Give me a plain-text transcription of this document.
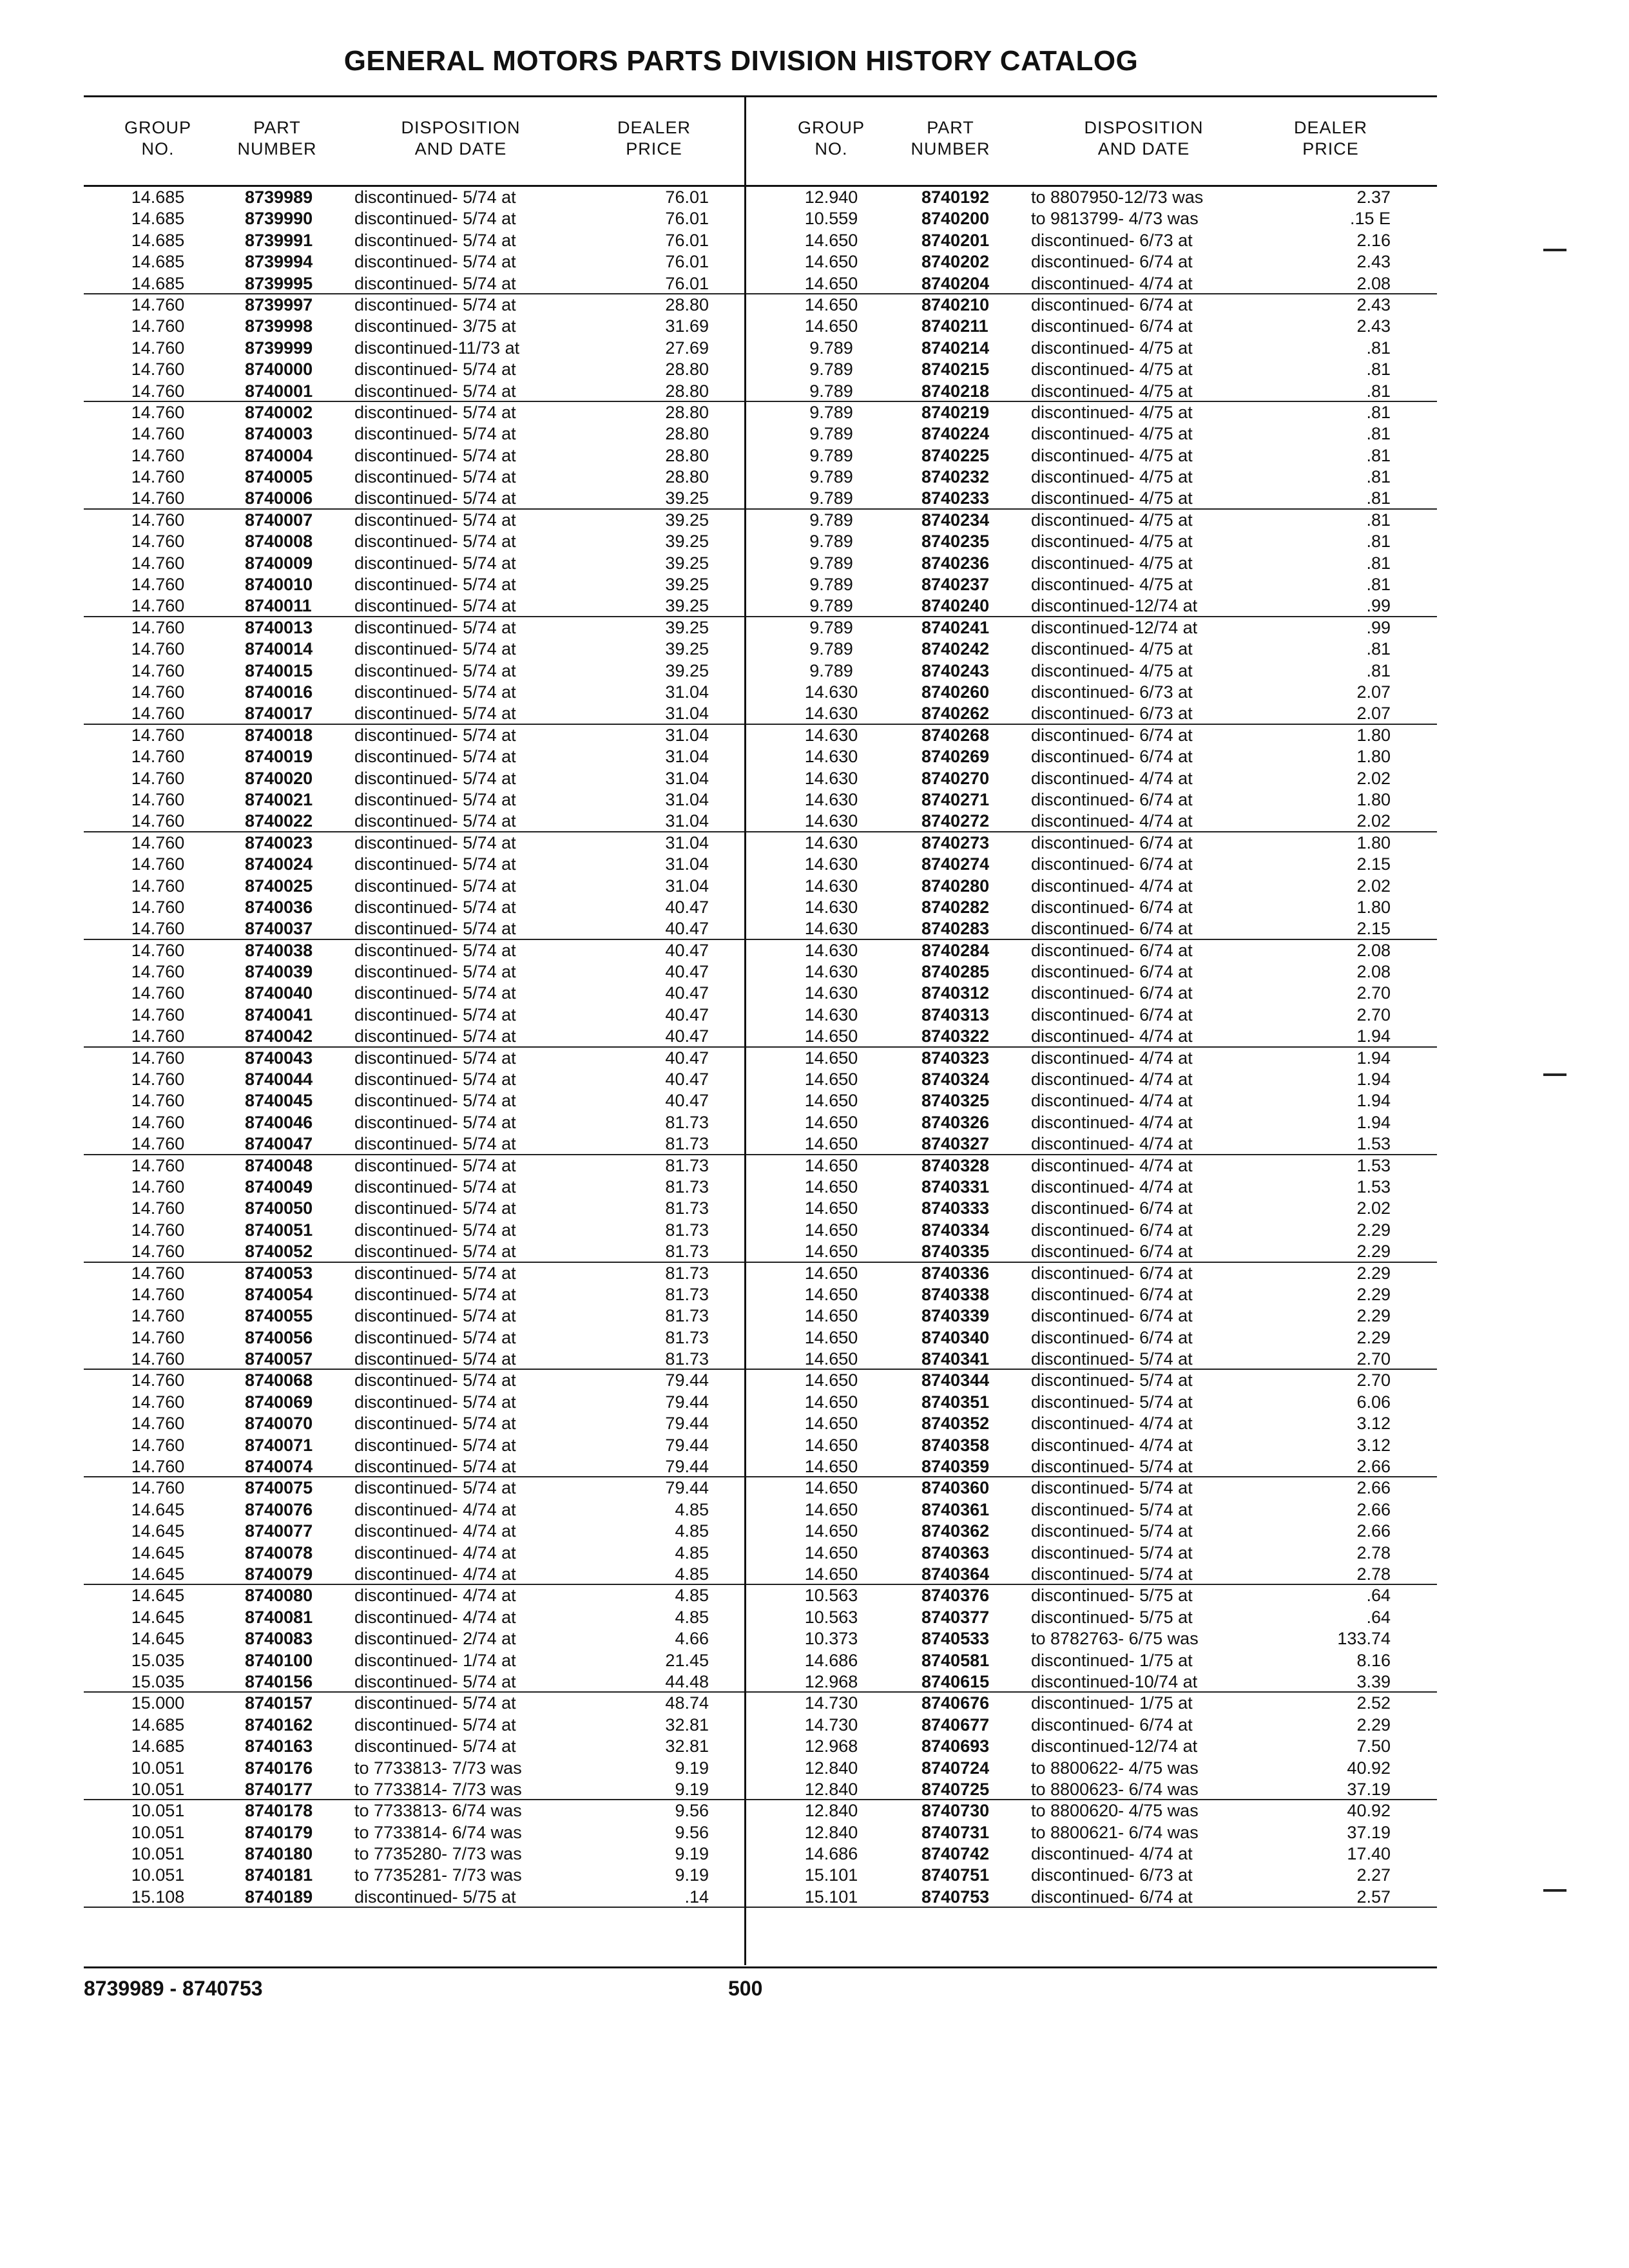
GENERAL MOTORS PARTS DIVISION HISTORY CATALOG
GROUP
NO.
PART
NUMBER
DISPOSITION
AND DATE
DEALER
PRICE
GROUP
NO.
PART
NUMBER
DISPOSITION
AND DATE
DEALER
PRICE
14.685	8739989 discontinued- 5/74 at	76.01
14.685	8739990 discontinued- 5/74 at	76.01
14.685	8739991 discontinued- 5/74 at	76.01
14.685	8739994 discontinued- 5/74 at	76.01
14.685	8739995 discontinued- 5/74 at	76.01
14.760	8739997 discontinued- 5/74 at	28.80
14.760	8739998 discontinued- 3/75 at	31.69
14.760	8739999 discontinued-11/73 at	27.69
14.760	8740000 discontinued- 5/74 at	28.80
14.760	8740001 discontinued- 5/74 at	28.80
14.760	8740002 discontinued- 5/74 at	28.80
14.760	8740003 discontinued- 5/74 at	28.80
14.760	8740004 discontinued- 5/74 at	28.80
14.760	8740005 discontinued- 5/74 at	28.80
14.760	8740006 discontinued- 5/74 at	39.25
14.760	8740007 discontinued- 5/74 at	39.25
14.760	8740008 discontinued- 5/74 at	39.25
14.760	8740009 discontinued- 5/74 at	39.25
14.760	8740010 discontinued- 5/74 at	39.25
14.760	8740011 discontinued- 5/74 at	39.25
14.760	8740013 discontinued- 5/74 at	39.25
14.760	8740014 discontinued- 5/74 at	39.25
14.760	8740015 discontinued- 5/74 at	39.25
14.760	8740016 discontinued- 5/74 at	31.04
14.760	8740017 discontinued- 5/74 at	31.04
14.760	8740018 discontinued- 5/74 at	31.04
14.760	8740019 discontinued- 5/74 at	31.04
14.760	8740020 discontinued- 5/74 at	31.04
14.760	8740021 discontinued- 5/74 at	31.04
14.760	8740022 discontinued- 5/74 at	31.04
14.760	8740023 discontinued- 5/74 at	31.04
14.760	8740024 discontinued- 5/74 at	31.04
14.760	8740025 discontinued- 5/74 at	31.04
14.760	8740036 discontinued- 5/74 at	40.47
14.760	8740037 discontinued- 5/74 at	40.47
14.760	8740038 discontinued- 5/74 at	40.47
14.760	8740039 discontinued- 5/74 at	40.47
14.760	8740040 discontinued- 5/74 at	40.47
14.760	8740041 discontinued- 5/74 at	40.47
14.760	8740042 discontinued- 5/74 at	40.47
14.760	8740043 discontinued- 5/74 at	40.47
14.760	8740044 discontinued- 5/74 at	40.47
14.760	8740045 discontinued- 5/74 at	40.47
14.760	8740046 discontinued- 5/74 at	81.73
14.760	8740047 discontinued- 5/74 at	81.73
14.760	8740048 discontinued- 5/74 at	81.73
14.760	8740049 discontinued- 5/74 at	81.73
14.760	8740050 discontinued- 5/74 at	81.73
14.760	8740051 discontinued- 5/74 at	81.73
14.760	8740052 discontinued- 5/74 at	81.73
14.760	8740053 discontinued- 5/74 at	81.73
14.760	8740054 discontinued- 5/74 at	81.73
14.760	8740055 discontinued- 5/74 at	81.73
14.760	8740056 discontinued- 5/74 at	81.73
14.760	8740057 discontinued- 5/74 at	81.73
14.760	8740068 discontinued- 5/74 at	79.44
14.760	8740069 discontinued- 5/74 at	79.44
14.760	8740070 discontinued- 5/74 at	79.44
14.760	8740071 discontinued- 5/74 at	79.44
14.760	8740074 discontinued- 5/74 at	79.44
14.760	8740075 discontinued- 5/74 at	79.44
14.645	8740076 discontinued- 4/74 at	4.85
14.645	8740077 discontinued- 4/74 at	4.85
14.645	8740078 discontinued- 4/74 at	4.85
14.645	8740079 discontinued- 4/74 at	4.85
14.645	8740080 discontinued- 4/74 at	4.85
14.645	8740081 discontinued- 4/74 at	4.85
14.645	8740083 discontinued- 2/74 at	4.66
15.035	8740100 discontinued- 1/74 at	21.45
15.035	8740156 discontinued- 5/74 at	44.48
15.000	8740157 discontinued- 5/74 at	48.74
14.685	8740162 discontinued- 5/74 at	32.81
14.685	8740163 discontinued- 5/74 at	32.81
10.051	8740176 to 7733813- 7/73 was	9.19
10.051	8740177 to 7733814- 7/73 was	9.19
10.051	8740178 to 7733813- 6/74 was	9.56
10.051	8740179 to 7733814- 6/74 was	9.56
10.051	8740180 to 7735280- 7/73 was	9.19
10.051	8740181 to 7735281- 7/73 was	9.19
15.108	8740189 discontinued- 5/75 at	.14
12.940	8740192 to 8807950-12/73 was	2.37
10.559	8740200 to 9813799- 4/73 was	.15 E
14.650	8740201 discontinued- 6/73 at	2.16
14.650	8740202 discontinued- 6/74 at	2.43
14.650	8740204 discontinued- 4/74 at	2.08
14.650	8740210 discontinued- 6/74 at	2.43
14.650	8740211 discontinued- 6/74 at	2.43
9.789	8740214 discontinued- 4/75 at	.81
9.789	8740215 discontinued- 4/75 at	.81
9.789	8740218 discontinued- 4/75 at	.81
9.789	8740219 discontinued- 4/75 at	.81
9.789	8740224 discontinued- 4/75 at	.81
9.789	8740225 discontinued- 4/75 at	.81
9.789	8740232 discontinued- 4/75 at	.81
9.789	8740233 discontinued- 4/75 at	.81
9.789	8740234 discontinued- 4/75 at	.81
9.789	8740235 discontinued- 4/75 at	.81
9.789	8740236 discontinued- 4/75 at	.81
9.789	8740237 discontinued- 4/75 at	.81
9.789	8740240 discontinued-12/74 at	.99
9.789	8740241 discontinued-12/74 at	.99
9.789	8740242 discontinued- 4/75 at	.81
9.789	8740243 discontinued- 4/75 at	.81
14.630	8740260 discontinued- 6/73 at	2.07
14.630	8740262 discontinued- 6/73 at	2.07
14.630	8740268 discontinued- 6/74 at	1.80
14.630	8740269 discontinued- 6/74 at	1.80
14.630	8740270 discontinued- 4/74 at	2.02
14.630	8740271 discontinued- 6/74 at	1.80
14.630	8740272 discontinued- 4/74 at	2.02
14.630	8740273 discontinued- 6/74 at	1.80
14.630	8740274 discontinued- 6/74 at	2.15
14.630	8740280 discontinued- 4/74 at	2.02
14.630	8740282 discontinued- 6/74 at	1.80
14.630	8740283 discontinued- 6/74 at	2.15
14.630	8740284 discontinued- 6/74 at	2.08
14.630	8740285 discontinued- 6/74 at	2.08
14.630	8740312 discontinued- 6/74 at	2.70
14.630	8740313 discontinued- 6/74 at	2.70
14.650	8740322 discontinued- 4/74 at	1.94
14.650	8740323 discontinued- 4/74 at	1.94
14.650	8740324 discontinued- 4/74 at	1.94
14.650	8740325 discontinued- 4/74 at	1.94
14.650	8740326 discontinued- 4/74 at	1.94
14.650	8740327 discontinued- 4/74 at	1.53
14.650	8740328 discontinued- 4/74 at	1.53
14.650	8740331 discontinued- 4/74 at	1.53
14.650	8740333 discontinued- 6/74 at	2.02
14.650	8740334 discontinued- 6/74 at	2.29
14.650	8740335 discontinued- 6/74 at	2.29
14.650	8740336 discontinued- 6/74 at	2.29
14.650	8740338 discontinued- 6/74 at	2.29
14.650	8740339 discontinued- 6/74 at	2.29
14.650	8740340 discontinued- 6/74 at	2.29
14.650	8740341 discontinued- 5/74 at	2.70
14.650	8740344 discontinued- 5/74 at	2.70
14.650	8740351 discontinued- 5/74 at	6.06
14.650	8740352 discontinued- 4/74 at	3.12
14.650	8740358 discontinued- 4/74 at	3.12
14.650	8740359 discontinued- 5/74 at	2.66
14.650	8740360 discontinued- 5/74 at	2.66
14.650	8740361 discontinued- 5/74 at	2.66
14.650	8740362 discontinued- 5/74 at	2.66
14.650	8740363 discontinued- 5/74 at	2.78
14.650	8740364 discontinued- 5/74 at	2.78
10.563	8740376 discontinued- 5/75 at	.64
10.563	8740377 discontinued- 5/75 at	.64
10.373	8740533 to 8782763- 6/75 was	133.74
14.686	8740581 discontinued- 1/75 at	8.16
12.968	8740615 discontinued-10/74 at	3.39
14.730	8740676 discontinued- 1/75 at	2.52
14.730	8740677 discontinued- 6/74 at	2.29
12.968	8740693 discontinued-12/74 at	7.50
12.840	8740724 to 8800622- 4/75 was	40.92
12.840	8740725 to 8800623- 6/74 was	37.19
12.840	8740730 to 8800620- 4/75 was	40.92
12.840	8740731 to 8800621- 6/74 was	37.19
14.686	8740742 discontinued- 4/74 at	17.40
15.101	8740751 discontinued- 6/73 at	2.27
15.101	8740753 discontinued- 6/74 at	2.57
8739989 - 8740753	500
